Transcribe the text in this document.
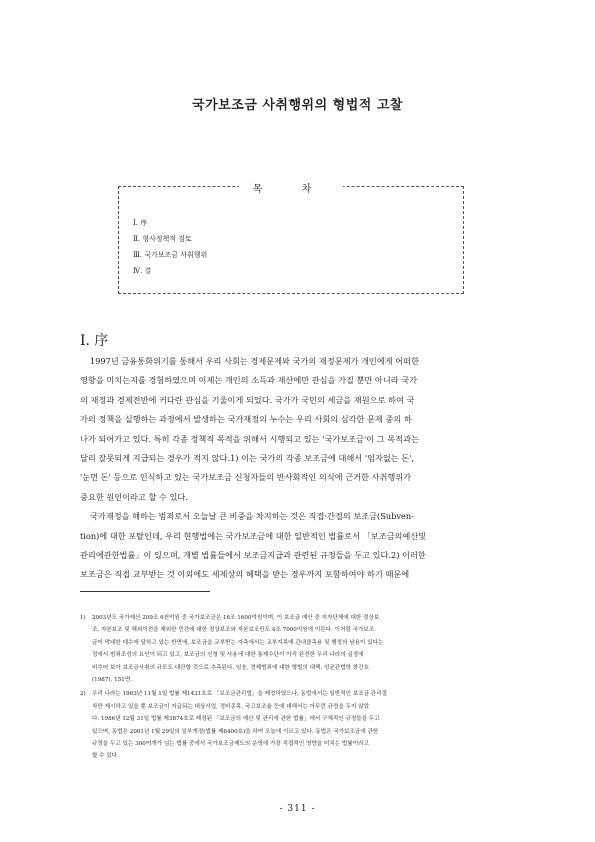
국가보조금 사취행위의 형법적 고찰
목 차
Ⅰ. 序
Ⅱ. 형사정책적 검토
Ⅲ. 국가보조금 사취행위
Ⅳ. 결
Ⅰ. 序

1997년 금융통화위기를 통해서 우리 사회는 경제문제와 국가의 재정문제가 개인에게 어떠한
영향을 미치는지를 경험하였으며 이제는 개인의 소득과 재산에만 관심을 가질 뿐만 아니라 국가
의 재정과 경제전반에 커다란 관심을 기울이게 되었다. 국가가 국민의 세금을 재원으로 하여 국
가의 정책을 실행하는 과정에서 발생하는 국가재정의 누수는 우리 사회의 심각한 문제 중의 하
나가 되어가고 있다. 특히 각종 정책적 목적을 위해서 시행되고 있는 '국가보조금'이 그 목적과는
달리 잘못되게 지급되는 경우가 적지 않다.1) 이는 국가의 각종 보조금에 대해서 '임자없는 돈',
'눈먼 돈' 등으로 인식하고 있는 국가보조금 신청자들의 반사회적인 의식에 근거한 사취행위가
중요한 원인이라고 할 수 있다.

국가재정을 해하는 범죄로서 오늘날 큰 비중을 차지하는 것은 직접·간접의 보조금(Subven-
tion)에 대한 포탈인데, 우리 현행법에는 국가보조금에 대한 일반적인 법률로서 「보조금의예산및
관리에관한법률」이 있으며, 개별 법률들에서 보조금지급과 관련된 규정들을 두고 있다.2) 이러한
보조금은 직접 교부받는 것 이외에도 세제상의 혜택을 받는 경우까지 포함하여야 하기 때문에

1) 2003년도 국가예산 209조 6천억원 중 국가보조금은 16조 1600억원이며, 이 보조금 예산 중 지자단체에 대한 경상보
조, 자본보조 및 해외이전을 제외한 민간에 대한 경상보조와 자본보조만도 4조 7000억원에 이른다. 이처럼 국가보조
금이 막대한 데수에 달하고 있는 반면에, 보조금을 교부받는 자측에서는 교부지목에 관내클측용 및 행정의 남용이 있다는
정에서 범죄조성의 요인이 되고 있고, 보조금의 신청 및 사용에 대한 통제수단이 아직 완전한 우리 나라의 실정에
비추어 보아 보조금사취의 규모도 대단할 것으로 추측된다. 임웅, 경제범죄에 대한 형벌의 대책, 성균관법학 창간호
(1987), 151면.
2) 우리 나라는 1963년 11월 1일 법률 제1431호로 「보조금관리법」을 제정하였으나, 동법에서는 일반적인 보조금 관리절
차만 제시하고 있을 뿐 보조금이 지급되는 대상사업, 경비종목, 국고보조율 등에 대해서는 아무런 규정을 두지 않았
다. 1986년 12월 31일 법률 제3874호로 제정된 「보조금의 예산 및 관리에 관한 법률」에서 구체적인 규정들을 두고
있으며, 동법은 2001년 1월 29일의 일부개정(법률 제6400호)을 하여 오늘에 이르고 있다. 동법은 국가보조금에 관한
규정을 두고 있는 300여개가 넘는 법률 중에서 국가보조금제도의 운영에 가장 직접적인 영향을 미치는 법률이라고
할 수 있다.
- 311 -
